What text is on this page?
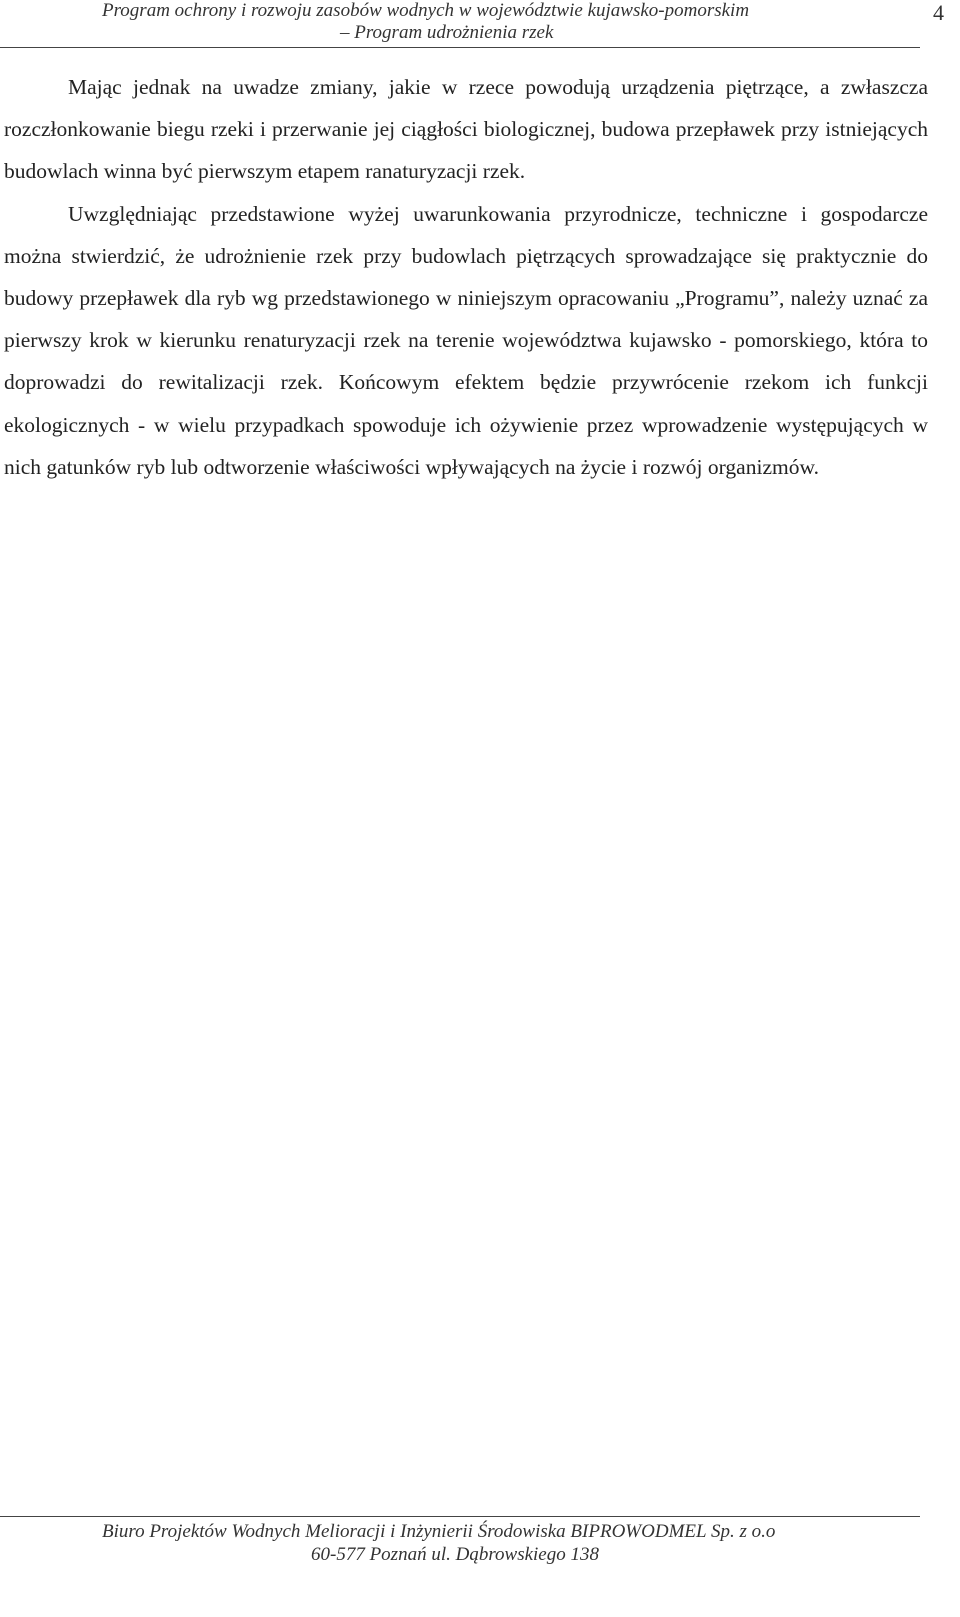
Program ochrony i rozwoju zasobów wodnych w województwie kujawsko-pomorskim
– Program udrożnienia rzek
4

Mając jednak na uwadze zmiany, jakie w rzece powodują urządzenia piętrzące, a zwłaszcza rozczłonkowanie biegu rzeki i przerwanie jej ciągłości biologicznej, budowa przepławek przy istniejących budowlach winna być pierwszym etapem ranaturyzacji rzek.

Uwzględniając przedstawione wyżej uwarunkowania przyrodnicze, techniczne i gospodarcze można stwierdzić, że udrożnienie rzek przy budowlach piętrzących sprowadzające się praktycznie do budowy przepławek dla ryb wg przedstawionego w niniejszym opracowaniu „Programu”, należy uznać za pierwszy krok w kierunku renaturyzacji rzek na terenie województwa kujawsko - pomorskiego, która to doprowadzi do rewitalizacji rzek. Końcowym efektem będzie przywrócenie rzekom ich funkcji ekologicznych - w wielu przypadkach spowoduje ich ożywienie przez wprowadzenie występujących w nich gatunków ryb lub odtworzenie właściwości wpływających na życie i rozwój organizmów.

Biuro Projektów Wodnych Melioracji i Inżynierii Środowiska BIPROWODMEL Sp. z o.o
60-577 Poznań ul. Dąbrowskiego 138
